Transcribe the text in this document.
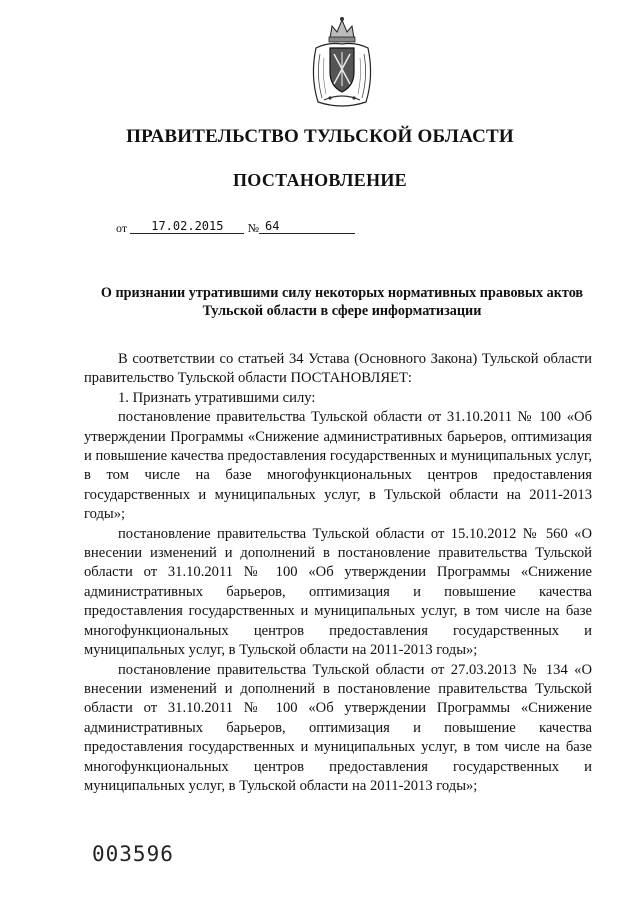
ПРАВИТЕЛЬСТВО ТУЛЬСКОЙ ОБЛАСТИ
ПОСТАНОВЛЕНИЕ
от 17.02.2015 № 64
О признании утратившими силу некоторых нормативных правовых актов Тульской области в сфере информатизации

В соответствии со статьей 34 Устава (Основного Закона) Тульской области правительство Тульской области ПОСТАНОВЛЯЕТ:

1. Признать утратившими силу:

постановление правительства Тульской области от 31.10.2011 № 100 «Об утверждении Программы «Снижение административных барьеров, оптимизация и повышение качества предоставления государственных и муниципальных услуг, в том числе на базе многофункциональных центров предоставления государственных и муниципальных услуг, в Тульской области на 2011-2013 годы»;

постановление правительства Тульской области от 15.10.2012 № 560 «О внесении изменений и дополнений в постановление правительства Тульской области от 31.10.2011 № 100 «Об утверждении Программы «Снижение административных барьеров, оптимизация и повышение качества предоставления государственных и муниципальных услуг, в том числе на базе многофункциональных центров предоставления государственных и муниципальных услуг, в Тульской области на 2011-2013 годы»;

постановление правительства Тульской области от 27.03.2013 № 134 «О внесении изменений и дополнений в постановление правительства Тульской области от 31.10.2011 № 100 «Об утверждении Программы «Снижение административных барьеров, оптимизация и повышение качества предоставления государственных и муниципальных услуг, в том числе на базе многофункциональных центров предоставления государственных и муниципальных услуг, в Тульской области на 2011-2013 годы»;

003596
